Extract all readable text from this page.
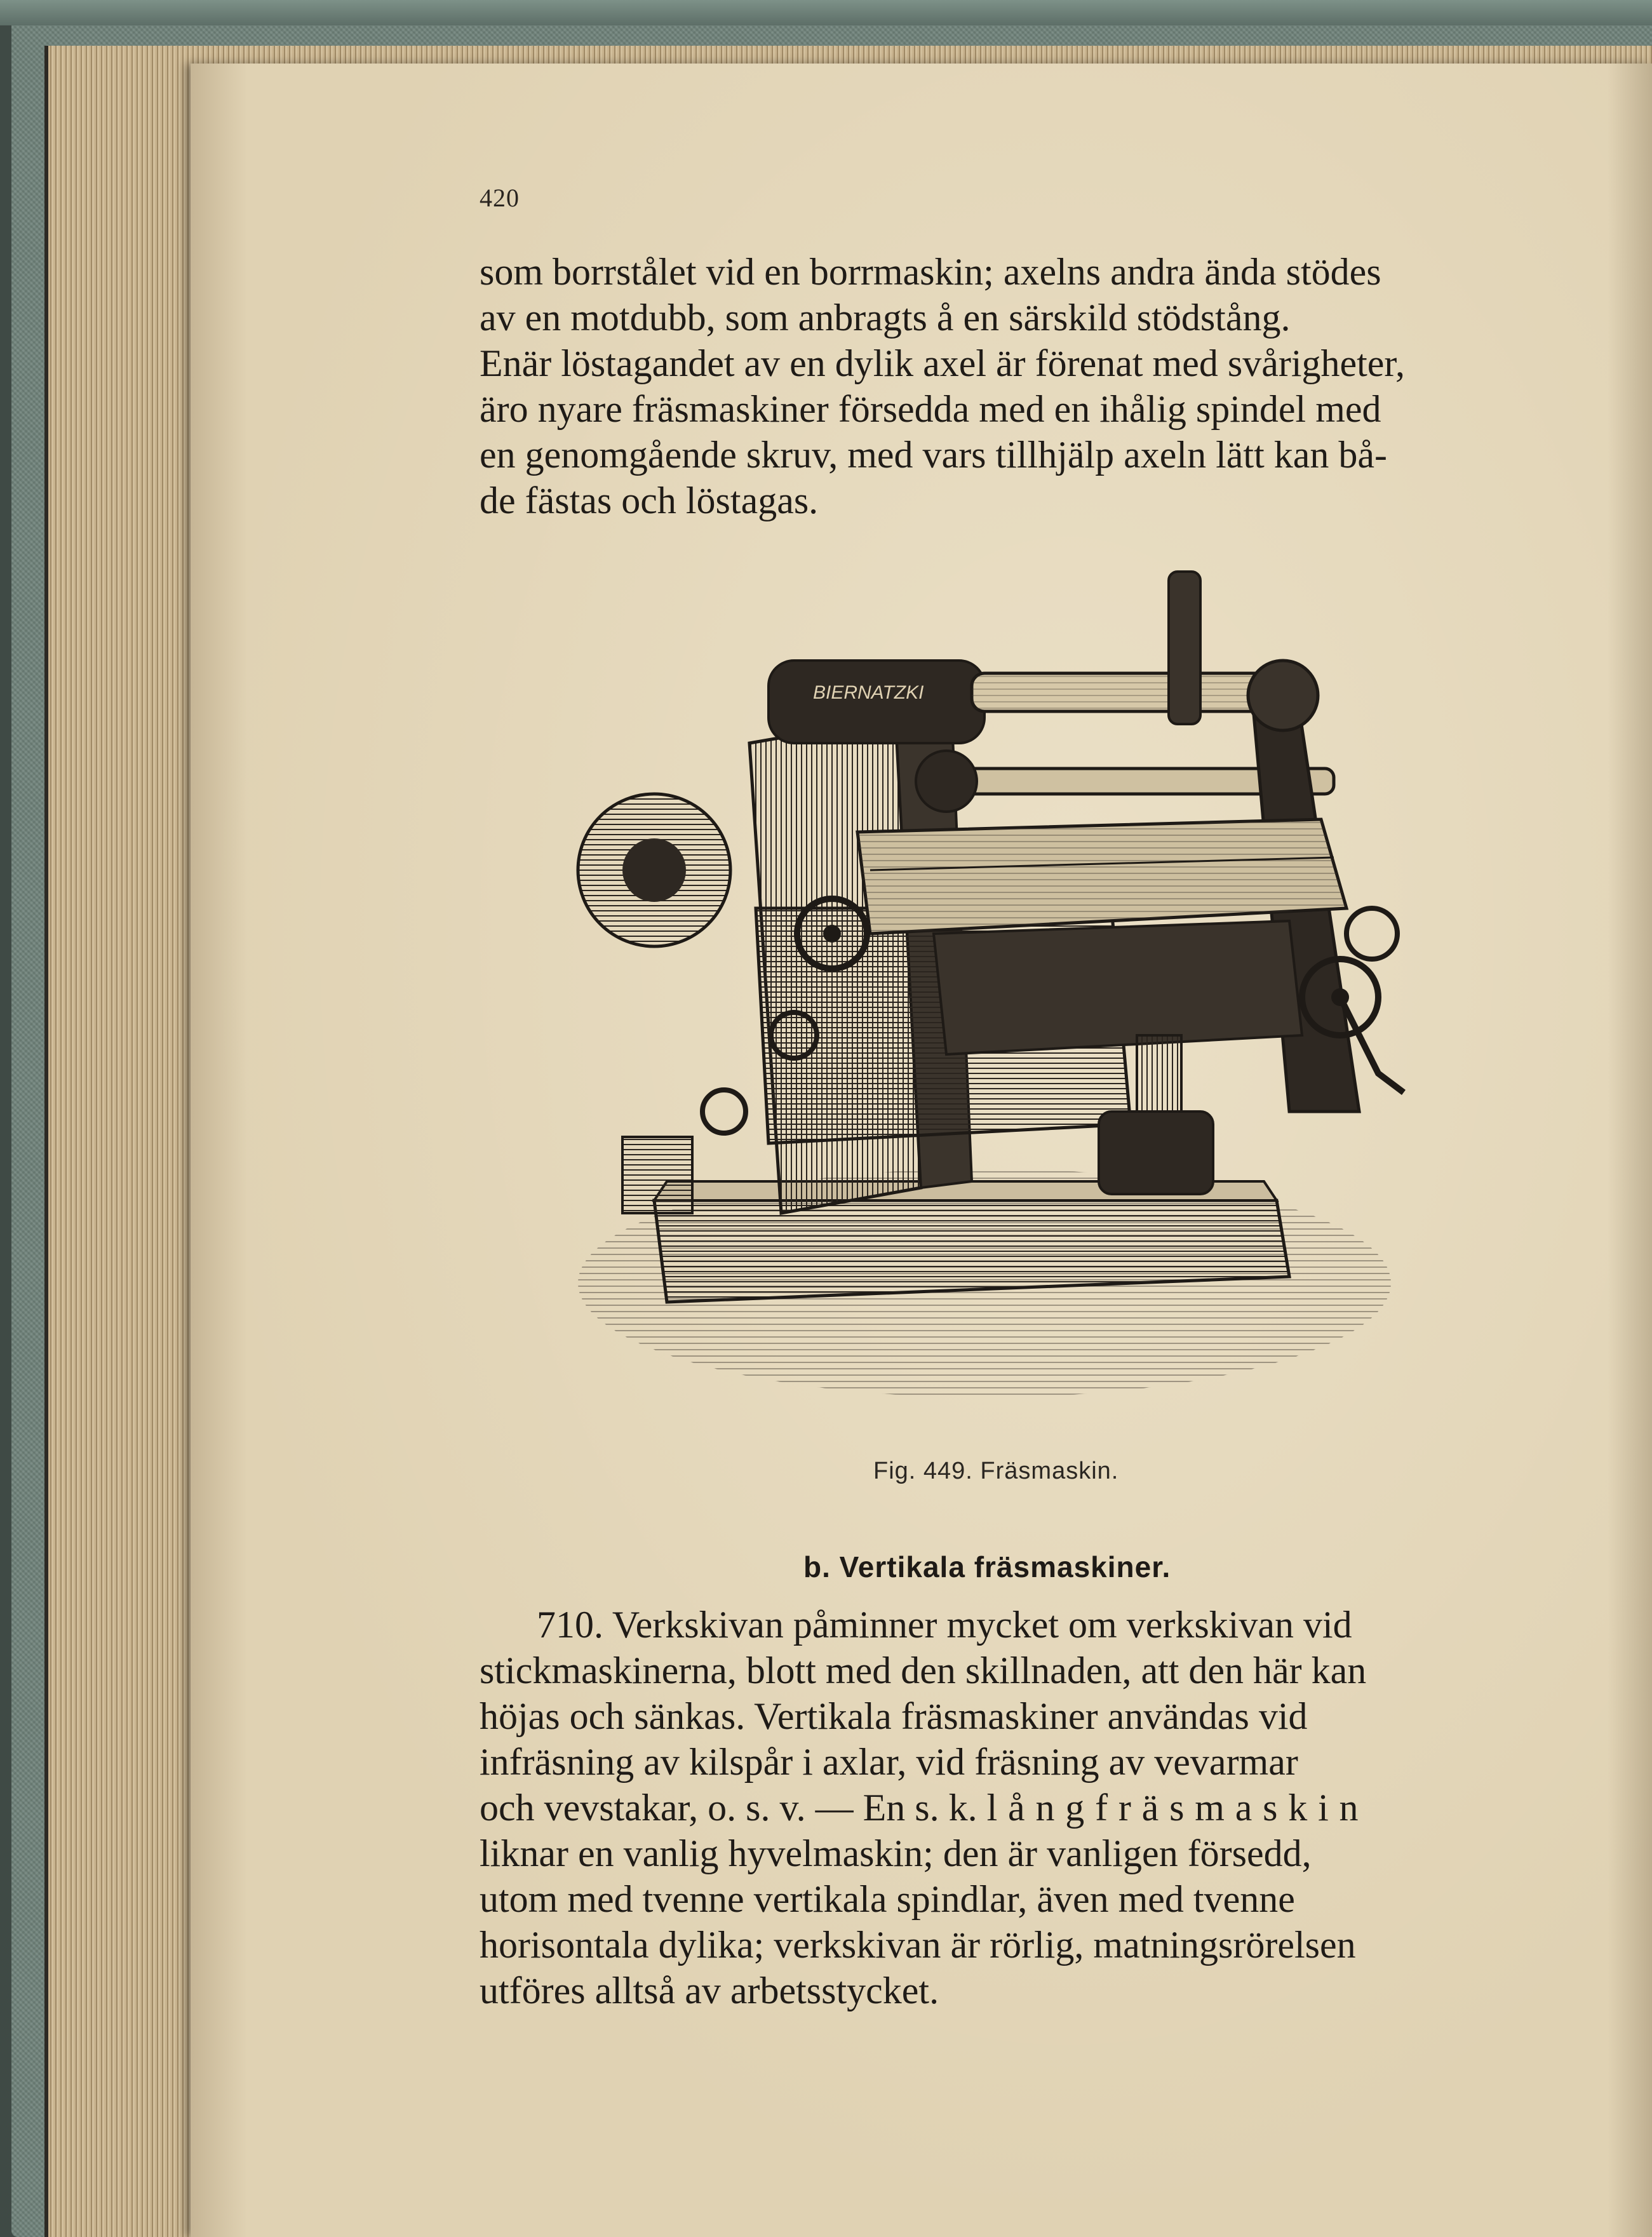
420
som borrstålet vid en borrmaskin; axelns andra ända stödes
av en motdubb, som anbragts å en särskild stödstång.
Enär löstagandet av en dylik axel är förenat med svårigheter,
äro nyare fräsmaskiner försedda med en ihålig spindel med
en genomgående skruv, med vars tillhjälp axeln lätt kan bå-
de fästas och löstagas.
BIERNATZKI
Fig. 449. Fräsmaskin.
b. Vertikala fräsmaskiner.
710. Verkskivan påminner mycket om verkskivan vid
stickmaskinerna, blott med den skillnaden, att den här kan
höjas och sänkas. Vertikala fräsmaskiner användas vid
infräsning av kilspår i axlar, vid fräsning av vevarmar
och vevstakar, o. s. v. — En s. k. långfräsmaskin
liknar en vanlig hyvelmaskin; den är vanligen försedd,
utom med tvenne vertikala spindlar, även med tvenne
horisontala dylika; verkskivan är rörlig, matningsrörelsen
utföres alltså av arbetsstycket.
